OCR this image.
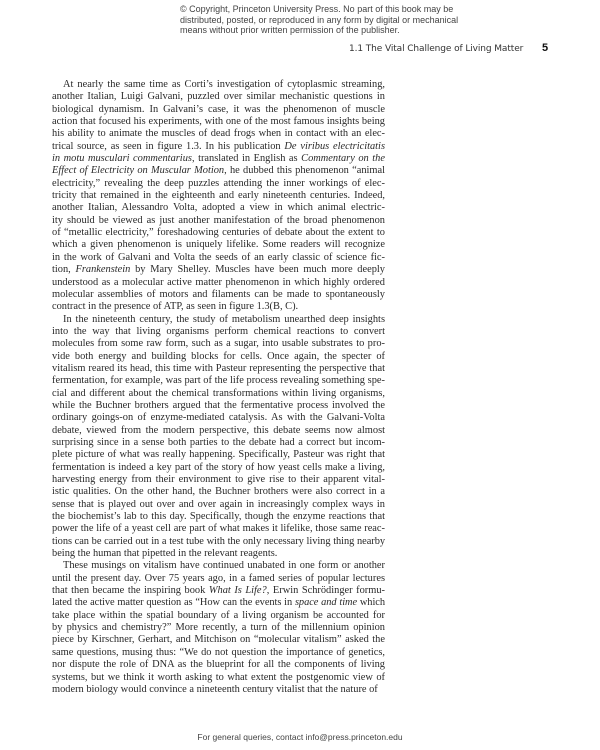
© Copyright, Princeton University Press. No part of this book may be
distributed, posted, or reproduced in any form by digital or mechanical
means without prior written permission of the publisher.
1.1 The Vital Challenge of Living Matter 5
At nearly the same time as Corti’s investigation of cytoplasmic streaming,
another Italian, Luigi Galvani, puzzled over similar mechanistic questions in
biological dynamism. In Galvani’s case, it was the phenomenon of muscle
action that focused his experiments, with one of the most famous insights being
his ability to animate the muscles of dead frogs when in contact with an elec-
trical source, as seen in figure 1.3. In his publication De viribus electricitatis
in motu musculari commentarius, translated in English as Commentary on the
Effect of Electricity on Muscular Motion, he dubbed this phenomenon “animal
electricity,” revealing the deep puzzles attending the inner workings of elec-
tricity that remained in the eighteenth and early nineteenth centuries. Indeed,
another Italian, Alessandro Volta, adopted a view in which animal electric-
ity should be viewed as just another manifestation of the broad phenomenon
of “metallic electricity,” foreshadowing centuries of debate about the extent to
which a given phenomenon is uniquely lifelike. Some readers will recognize
in the work of Galvani and Volta the seeds of an early classic of science fic-
tion, Frankenstein by Mary Shelley. Muscles have been much more deeply
understood as a molecular active matter phenomenon in which highly ordered
molecular assemblies of motors and filaments can be made to spontaneously
contract in the presence of ATP, as seen in figure 1.3(B, C).
In the nineteenth century, the study of metabolism unearthed deep insights
into the way that living organisms perform chemical reactions to convert
molecules from some raw form, such as a sugar, into usable substrates to pro-
vide both energy and building blocks for cells. Once again, the specter of
vitalism reared its head, this time with Pasteur representing the perspective that
fermentation, for example, was part of the life process revealing something spe-
cial and different about the chemical transformations within living organisms,
while the Buchner brothers argued that the fermentative process involved the
ordinary goings-on of enzyme-mediated catalysis. As with the Galvani-Volta
debate, viewed from the modern perspective, this debate seems now almost
surprising since in a sense both parties to the debate had a correct but incom-
plete picture of what was really happening. Specifically, Pasteur was right that
fermentation is indeed a key part of the story of how yeast cells make a living,
harvesting energy from their environment to give rise to their apparent vital-
istic qualities. On the other hand, the Buchner brothers were also correct in a
sense that is played out over and over again in increasingly complex ways in
the biochemist’s lab to this day. Specifically, though the enzyme reactions that
power the life of a yeast cell are part of what makes it lifelike, those same reac-
tions can be carried out in a test tube with the only necessary living thing nearby
being the human that pipetted in the relevant reagents.
These musings on vitalism have continued unabated in one form or another
until the present day. Over 75 years ago, in a famed series of popular lectures
that then became the inspiring book What Is Life?, Erwin Schrödinger formu-
lated the active matter question as “How can the events in space and time which
take place within the spatial boundary of a living organism be accounted for
by physics and chemistry?” More recently, a turn of the millennium opinion
piece by Kirschner, Gerhart, and Mitchison on “molecular vitalism” asked the
same questions, musing thus: “We do not question the importance of genetics,
nor dispute the role of DNA as the blueprint for all the components of living
systems, but we think it worth asking to what extent the postgenomic view of
modern biology would convince a nineteenth century vitalist that the nature of
For general queries, contact info@press.princeton.edu
